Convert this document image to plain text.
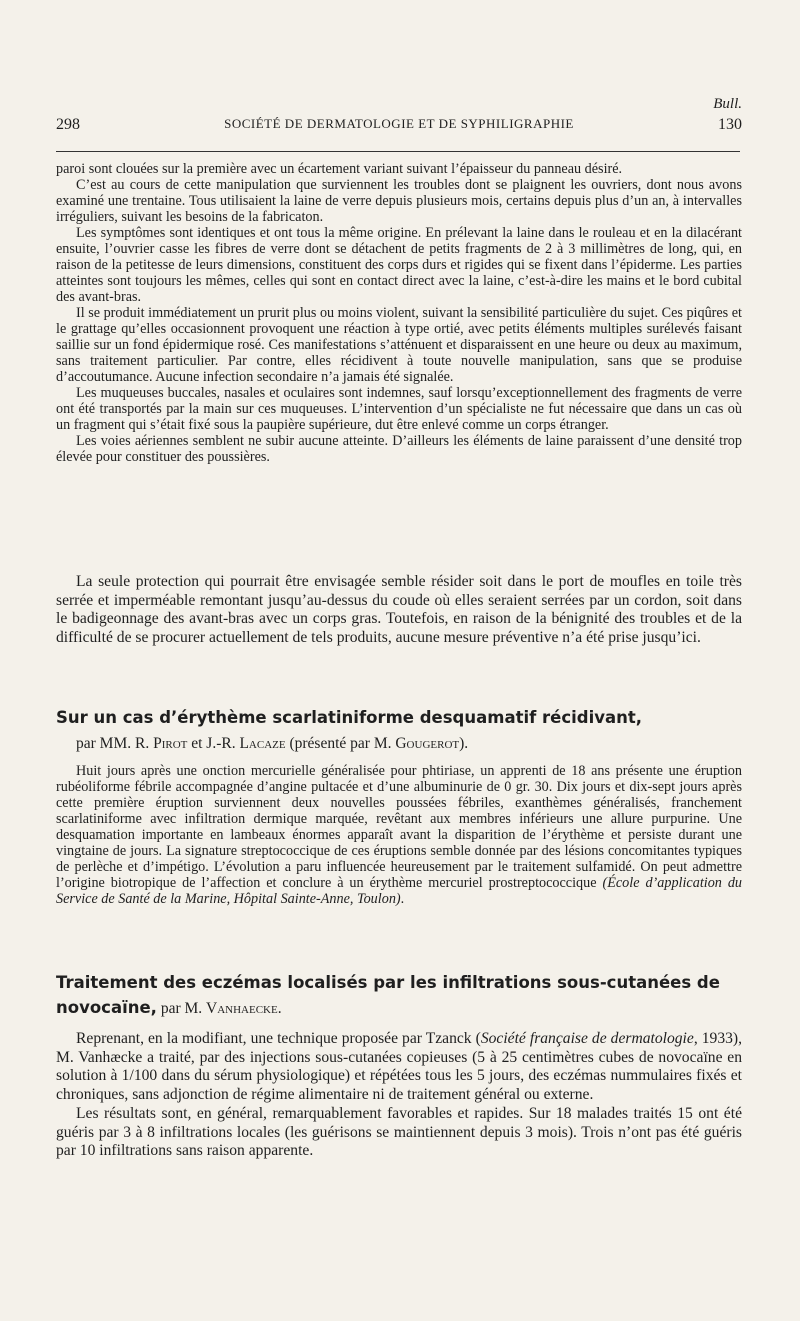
Bull.
298	SOCIÉTÉ DE DERMATOLOGIE ET DE SYPHILIGRAPHIE	130
paroi sont clouées sur la première avec un écartement variant suivant l’épaisseur du panneau désiré.
C’est au cours de cette manipulation que surviennent les troubles dont se plaignent les ouvriers, dont nous avons examiné une trentaine. Tous utilisaient la laine de verre depuis plusieurs mois, certains depuis plus d’un an, à intervalles irréguliers, suivant les besoins de la fabricaton.
Les symptômes sont identiques et ont tous la même origine. En prélevant la laine dans le rouleau et en la dilacérant ensuite, l’ouvrier casse les fibres de verre dont se détachent de petits fragments de 2 à 3 millimètres de long, qui, en raison de la petitesse de leurs dimensions, constituent des corps durs et rigides qui se fixent dans l’épiderme. Les parties atteintes sont toujours les mêmes, celles qui sont en contact direct avec la laine, c’est-à-dire les mains et le bord cubital des avant-bras.
Il se produit immédiatement un prurit plus ou moins violent, suivant la sensibilité particulière du sujet. Ces piqûres et le grattage qu’elles occasionnent provoquent une réaction à type ortié, avec petits éléments multiples surélevés faisant saillie sur un fond épidermique rosé. Ces manifestations s’atténuent et disparaissent en une heure ou deux au maximum, sans traitement particulier. Par contre, elles récidivent à toute nouvelle manipulation, sans que se produise d’accoutumance. Aucune infection secondaire n’a jamais été signalée.
Les muqueuses buccales, nasales et oculaires sont indemnes, sauf lorsqu’exceptionnellement des fragments de verre ont été transportés par la main sur ces muqueuses. L’intervention d’un spécialiste ne fut nécessaire que dans un cas où un fragment qui s’était fixé sous la paupière supérieure, dut être enlevé comme un corps étranger.
Les voies aériennes semblent ne subir aucune atteinte. D’ailleurs les éléments de laine paraissent d’une densité trop élevée pour constituer des poussières.

La seule protection qui pourrait être envisagée semble résider soit dans le port de moufles en toile très serrée et imperméable remontant jusqu’au-dessus du coude où elles seraient serrées par un cordon, soit dans le badigeonnage des avant-bras avec un corps gras. Toutefois, en raison de la bénignité des troubles et de la difficulté de se procurer actuellement de tels produits, aucune mesure préventive n’a été prise jusqu’ici.

Sur un cas d’érythème scarlatiniforme desquamatif récidivant,
par MM. R. Pirot et J.-R. Lacaze (présenté par M. Gougerot).

Huit jours après une onction mercurielle généralisée pour phtiriase, un apprenti de 18 ans présente une éruption rubéoliforme fébrile accompagnée d’angine pultacée et d’une albuminurie de 0 gr. 30. Dix jours et dix-sept jours après cette première éruption surviennent deux nouvelles poussées fébriles, exanthèmes généralisés, franchement scarlatiniforme avec infiltration dermique marquée, revêtant aux membres inférieurs une allure purpurine. Une desquamation importante en lambeaux énormes apparaît avant la disparition de l’érythème et persiste durant une vingtaine de jours. La signature streptococcique de ces éruptions semble donnée par des lésions concomitantes typiques de perlèche et d’impétigo. L’évolution a paru influencée heureusement par le traitement sulfamidé. On peut admettre l’origine biotropique de l’affection et conclure à un érythème mercuriel prostreptococcique (École d’application du Service de Santé de la Marine, Hôpital Sainte-Anne, Toulon).

Traitement des eczémas localisés par les infiltrations sous-cutanées de novocaïne, par M. Vanhaecke.
Reprenant, en la modifiant, une technique proposée par Tzanck (Société française de dermatologie, 1933), M. Vanhæcke a traité, par des injections sous-cutanées copieuses (5 à 25 centimètres cubes de novocaïne en solution à 1/100 dans du sérum physiologique) et répétées tous les 5 jours, des eczémas nummulaires fixés et chroniques, sans adjonction de régime alimentaire ni de traitement général ou externe.
Les résultats sont, en général, remarquablement favorables et rapides. Sur 18 malades traités 15 ont été guéris par 3 à 8 infiltrations locales (les guérisons se maintiennent depuis 3 mois). Trois n’ont pas été guéris par 10 infiltrations sans raison apparente.
